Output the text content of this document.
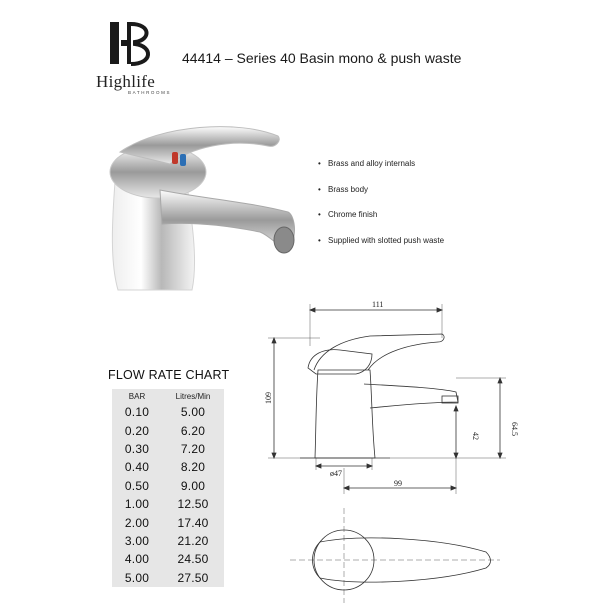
Highlife
BATHROOMS
44414 – Series 40 Basin mono & push waste
• Brass and alloy internals
• Brass body
• Chrome finish
• Supplied with slotted push waste
FLOW RATE CHART
BAR	Litres/Min
0.10	5.00
0.20	6.20
0.30	7.20
0.40	8.20
0.50	9.00
1.00	12.50
2.00	17.40
3.00	21.20
4.00	24.50
5.00	27.50
111
109
64.5
42
ø47
99
